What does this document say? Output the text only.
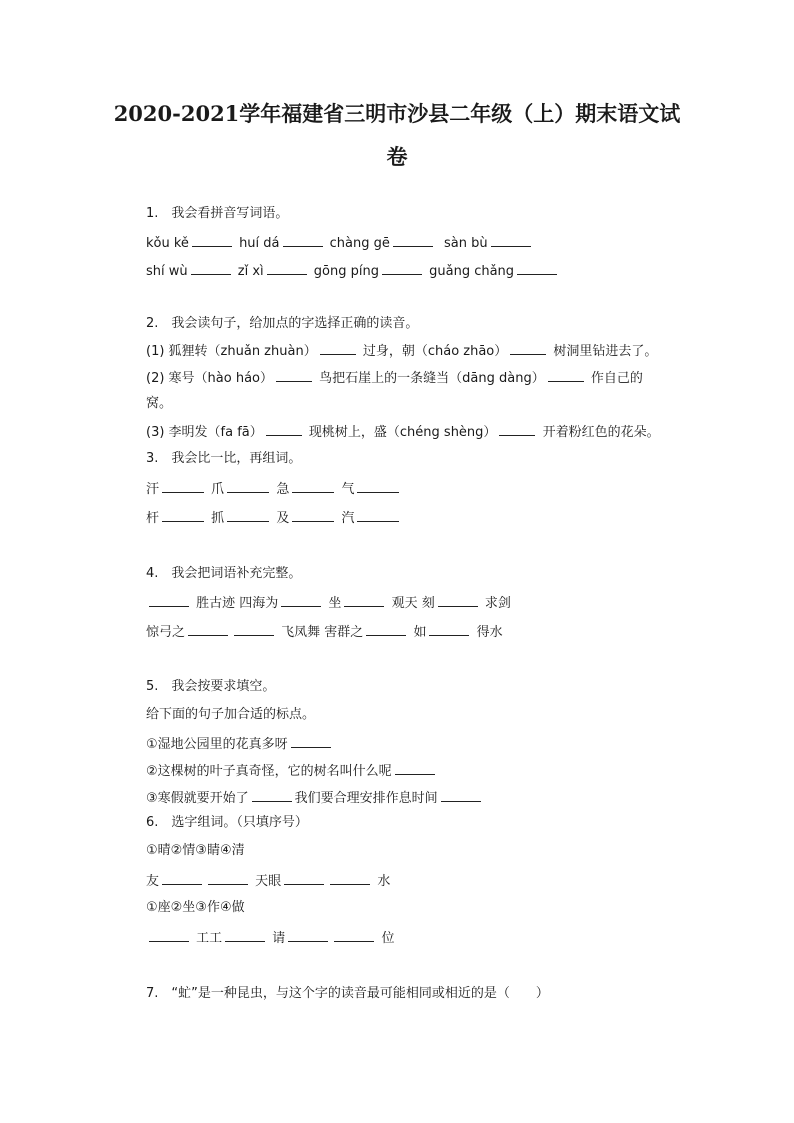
2020-2021学年福建省三明市沙县二年级（上）期末语文试
卷
1.　我会看拼音写词语。
kǒu kě	huí dá	chàng gē	sàn bù
shí wù	zǐ xì	gōng píng	guǎng chǎng
2.　我会读句子，给加点的字选择正确的读音。
(1) 狐狸转（zhuǎn zhuàn）	过身，朝（cháo zhāo）	树洞里钻进去了。
(2) 寒号（hào háo）	鸟把石崖上的一条缝当（dāng dàng）	作自己的
窝。
(3) 李明发（fa fā）	现桃树上，盛（chéng shèng）	开着粉红色的花朵。
3.　我会比一比，再组词。
汗	爪	急	气
杆	抓	及	汽
4.　我会把词语补充完整。
胜古迹 四海为	坐	观天 刻	求剑
惊弓之	飞凤舞 害群之	如	得水
5.　我会按要求填空。
给下面的句子加合适的标点。
①湿地公园里的花真多呀
②这棵树的叶子真奇怪，它的树名叫什么呢
③寒假就要开始了	我们要合理安排作息时间
6.　选字组词。（只填序号）
①晴②情③睛④清
友	天眼	水
①座②坐③作④做
工工	请	位
7.　“虻”是一种昆虫，与这个字的读音最可能相同或相近的是（　　）
